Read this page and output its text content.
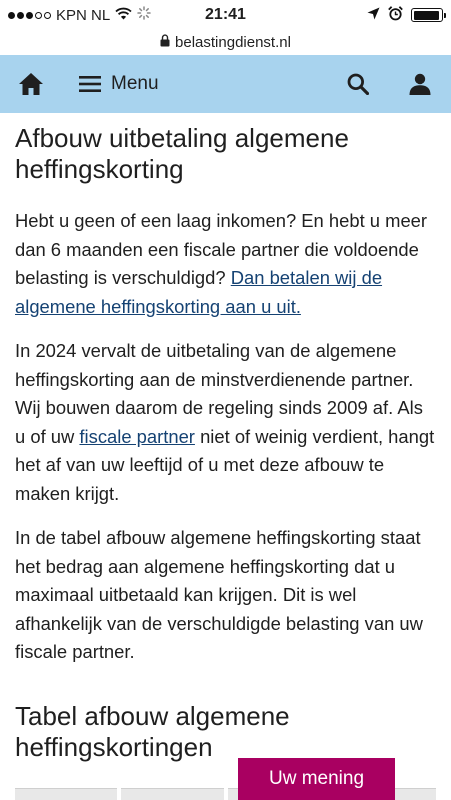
KPN NL	21:41
belastingdienst.nl
Menu
Afbouw uitbetaling algemene heffingskorting

Hebt u geen of een laag inkomen? En hebt u meer dan 6 maanden een fiscale partner die voldoende belasting is verschuldigd? Dan betalen wij de algemene heffingskorting aan u uit.

In 2024 vervalt de uitbetaling van de algemene heffingskorting aan de minstverdienende partner. Wij bouwen daarom de regeling sinds 2009 af. Als u of uw fiscale partner niet of weinig verdient, hangt het af van uw leeftijd of u met deze afbouw te maken krijgt.

In de tabel afbouw algemene heffingskorting staat het bedrag aan algemene heffingskorting dat u maximaal uitbetaald kan krijgen. Dit is wel afhankelijk van de verschuldigde belasting van uw fiscale partner.

Tabel afbouw algemene heffingskortingen
Uw mening
